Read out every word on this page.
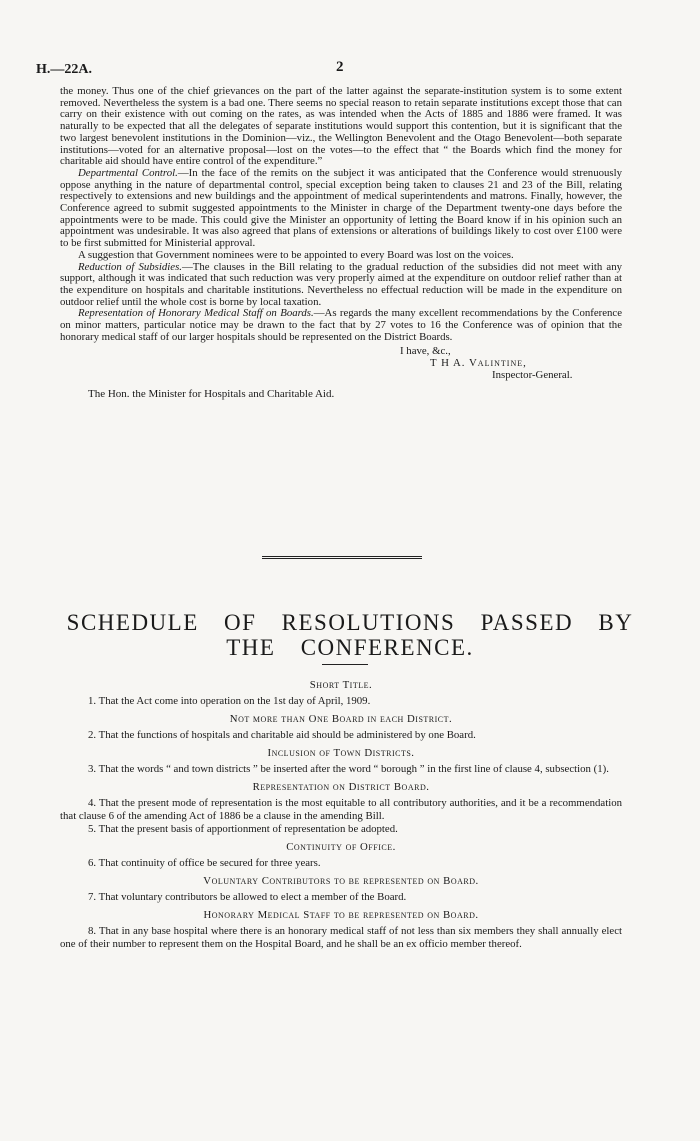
H.—22A.	2

the money. Thus one of the chief grievances on the part of the latter against the separate-institution system is to some extent removed. Nevertheless the system is a bad one. There seems no special reason to retain separate institutions except those that can carry on their existence with out coming on the rates, as was intended when the Acts of 1885 and 1886 were framed. It was naturally to be expected that all the delegates of separate institutions would support this contention, but it is significant that the two largest benevolent institutions in the Dominion—viz., the Wellington Benevolent and the Otago Benevolent—both separate institutions—voted for an alternative proposal—lost on the votes—to the effect that “ the Boards which find the money for charitable aid should have entire control of the expenditure.”

Departmental Control.—In the face of the remits on the subject it was anticipated that the Conference would strenuously oppose anything in the nature of departmental control, special exception being taken to clauses 21 and 23 of the Bill, relating respectively to extensions and new buildings and the appointment of medical superintendents and matrons. Finally, however, the Conference agreed to submit suggested appointments to the Minister in charge of the Department twenty-one days before the appointments were to be made. This could give the Minister an opportunity of letting the Board know if in his opinion such an appointment was undesirable. It was also agreed that plans of extensions or alterations of buildings likely to cost over £100 were to be first submitted for Ministerial approval.

A suggestion that Government nominees were to be appointed to every Board was lost on the voices.

Reduction of Subsidies.—The clauses in the Bill relating to the gradual reduction of the subsidies did not meet with any support, although it was indicated that such reduction was very properly aimed at the expenditure on outdoor relief rather than at the expenditure on hospitals and charitable institutions. Nevertheless no effectual reduction will be made in the expenditure on outdoor relief until the whole cost is borne by local taxation.

Representation of Honorary Medical Staff on Boards.—As regards the many excellent recommendations by the Conference on minor matters, particular notice may be drawn to the fact that by 27 votes to 16 the Conference was of opinion that the honorary medical staff of our larger hospitals should be represented on the District Boards.

I have, &c.,
T H A. Valintine,
Inspector-General.
The Hon. the Minister for Hospitals and Charitable Aid.
SCHEDULE OF RESOLUTIONS PASSED BY THE CONFERENCE.

Short Title.

1. That the Act come into operation on the 1st day of April, 1909.

Not more than One Board in each District.

2. That the functions of hospitals and charitable aid should be administered by one Board.

Inclusion of Town Districts.

3. That the words “ and town districts ” be inserted after the word “ borough ” in the first line of clause 4, subsection (1).

Representation on District Board.

4. That the present mode of representation is the most equitable to all contributory authorities, and it be a recommendation that clause 6 of the amending Act of 1886 be a clause in the amending Bill.

5. That the present basis of apportionment of representation be adopted.

Continuity of Office.

6. That continuity of office be secured for three years.

Voluntary Contributors to be represented on Board.

7. That voluntary contributors be allowed to elect a member of the Board.

Honorary Medical Staff to be represented on Board.

8. That in any base hospital where there is an honorary medical staff of not less than six members they shall annually elect one of their number to represent them on the Hospital Board, and he shall be an ex officio member thereof.
